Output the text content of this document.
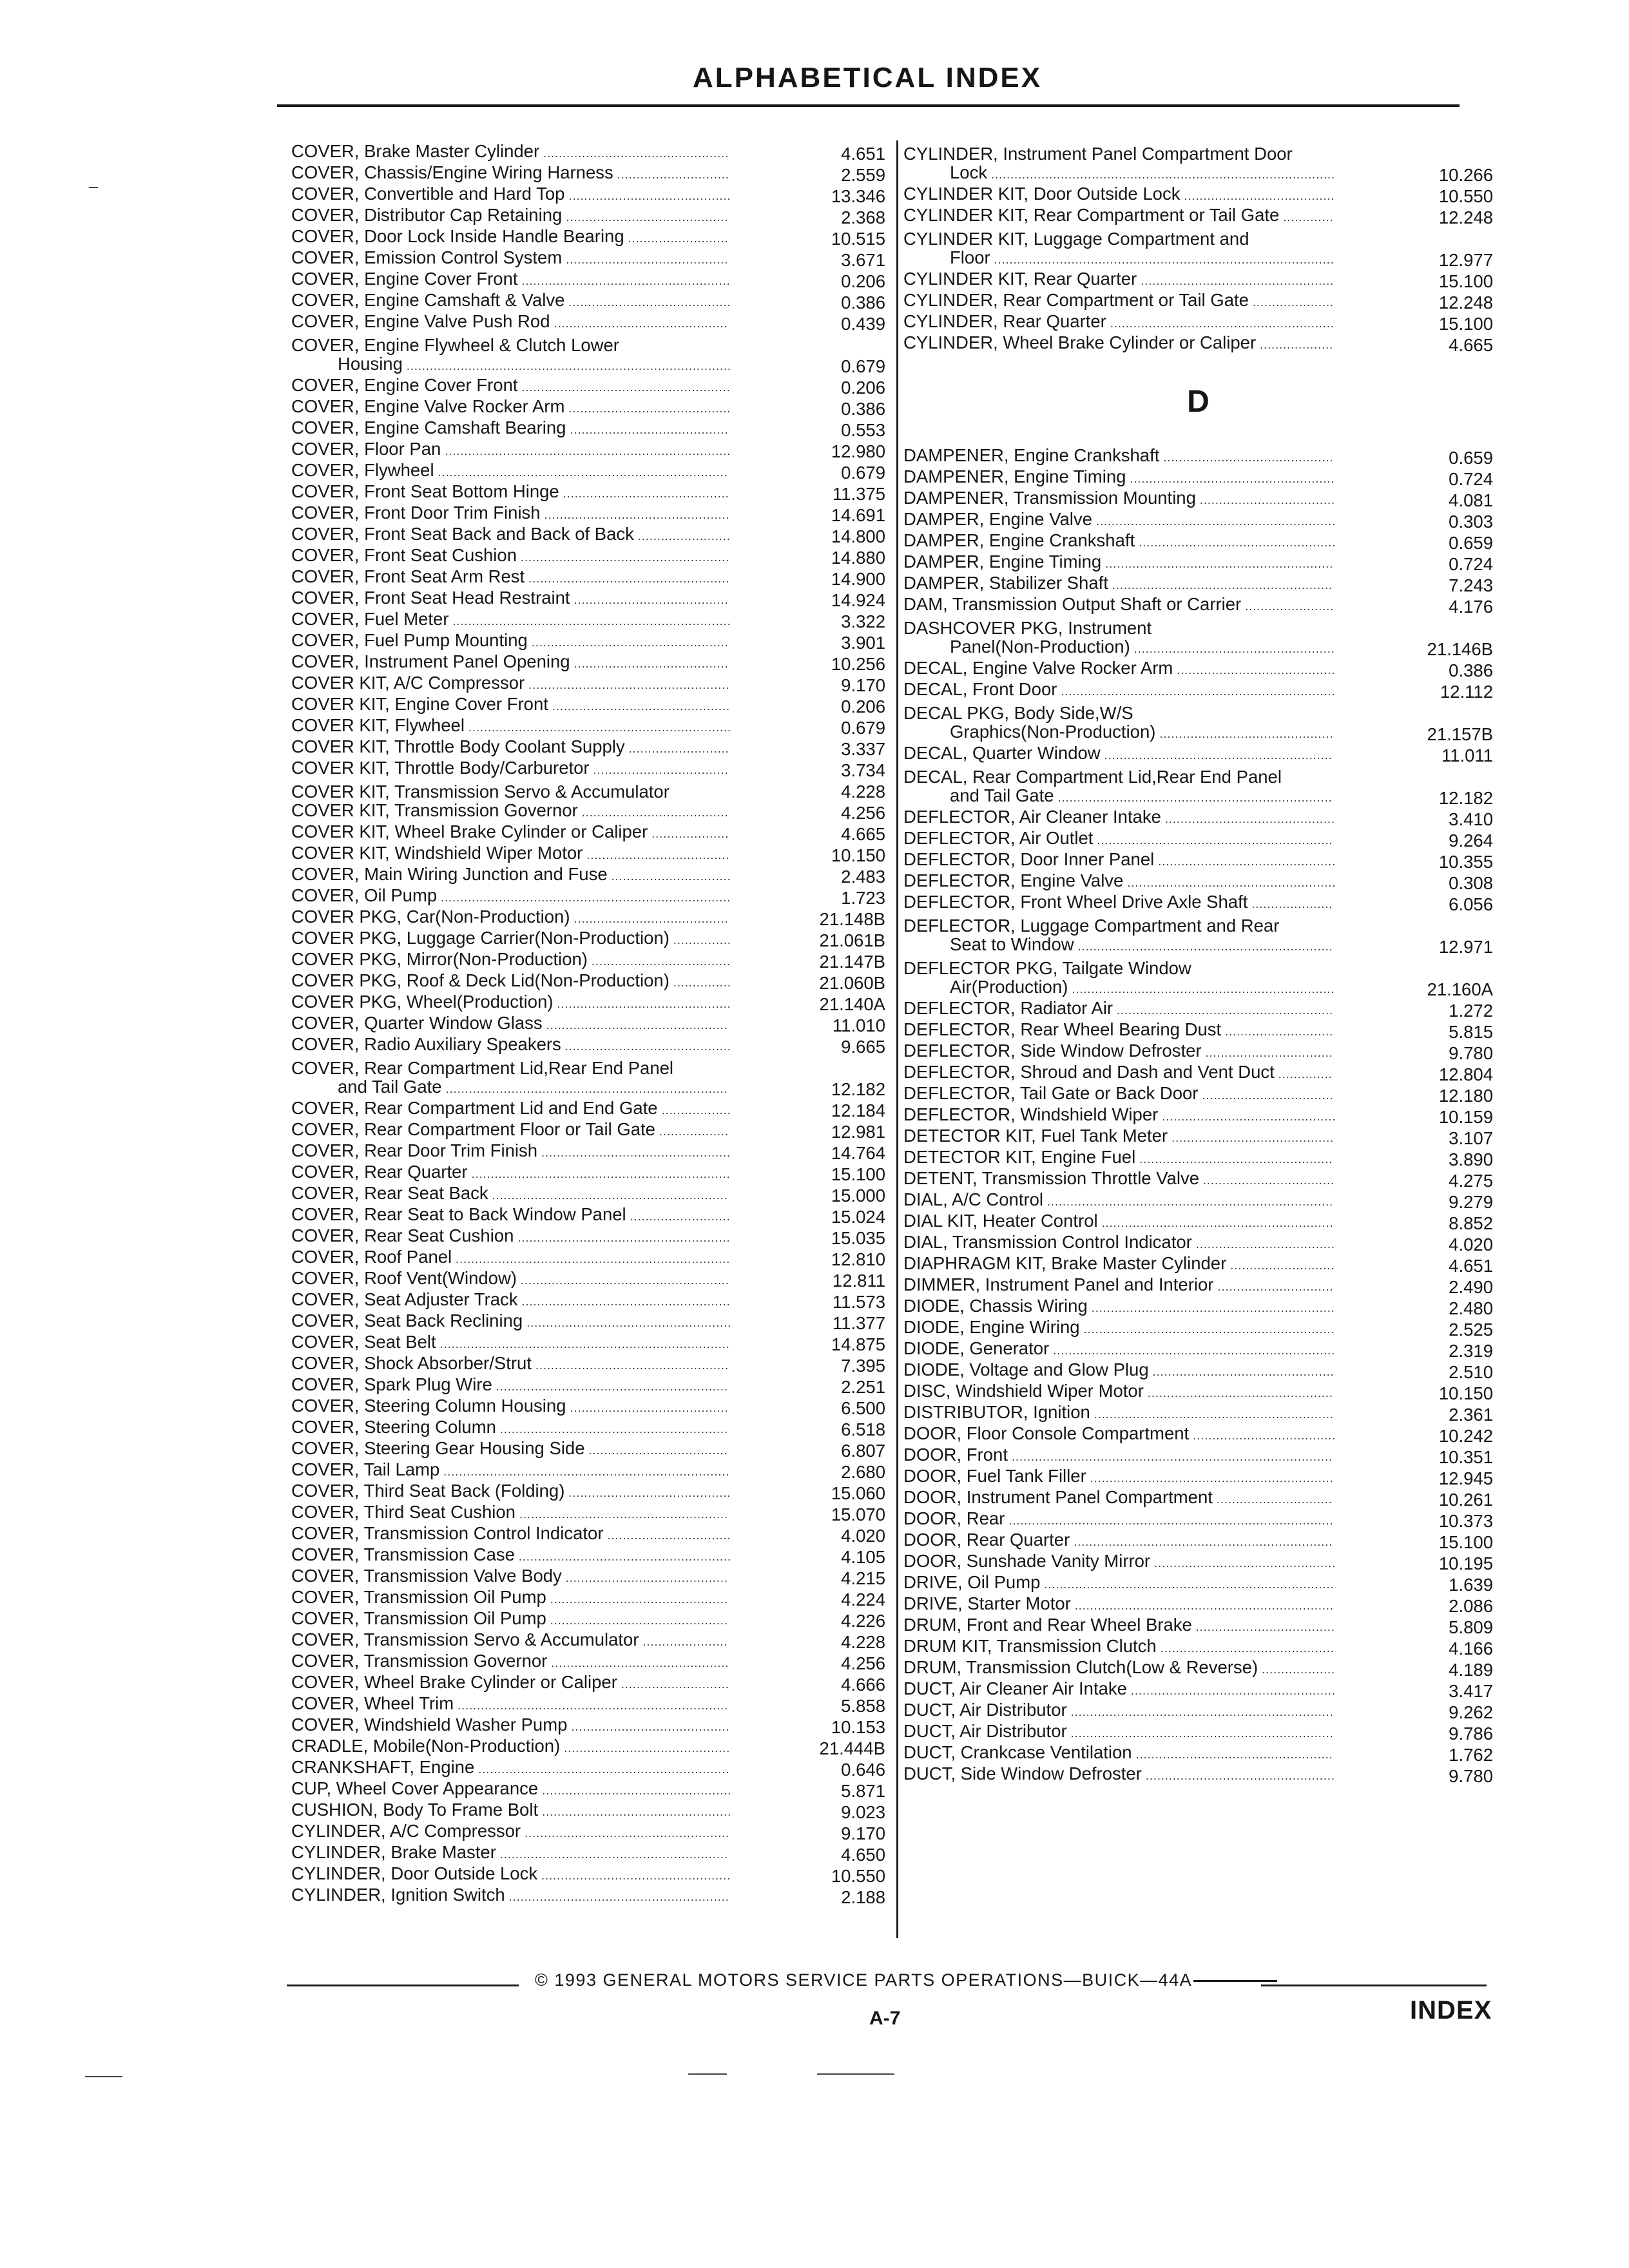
ALPHABETICAL INDEX
COVER, Brake Master Cylinder ................................................	4.651
COVER, Chassis/Engine Wiring Harness .............................	2.559
COVER, Convertible and Hard Top ..........................................	13.346
COVER, Distributor Cap Retaining ..........................................	2.368
COVER, Door Lock Inside Handle Bearing ..........................	10.515
COVER, Emission Control System ..........................................	3.671
COVER, Engine Cover Front ......................................................	0.206
COVER, Engine Camshaft & Valve ..........................................	0.386
COVER, Engine Valve Push Rod .............................................	0.439
COVER, Engine Flywheel & Clutch Lower
Housing ....................................................................................	0.679
COVER, Engine Cover Front ......................................................	0.206
COVER, Engine Valve Rocker Arm ..........................................	0.386
COVER, Engine Camshaft Bearing .........................................	0.553
COVER, Floor Pan ..........................................................................	12.980
COVER, Flywheel ...........................................................................	0.679
COVER, Front Seat Bottom Hinge ...........................................	11.375
COVER, Front Door Trim Finish ................................................	14.691
COVER, Front Seat Back and Back of Back ........................	14.800
COVER, Front Seat Cushion ......................................................	14.880
COVER, Front Seat Arm Rest ....................................................	14.900
COVER, Front Seat Head Restraint ........................................	14.924
COVER, Fuel Meter ........................................................................	3.322
COVER, Fuel Pump Mounting ...................................................	3.901
COVER, Instrument Panel Opening ........................................	10.256
COVER KIT, A/C Compressor ....................................................	9.170
COVER KIT, Engine Cover Front ..............................................	0.206
COVER KIT, Flywheel ....................................................................	0.679
COVER KIT, Throttle Body Coolant Supply ..........................	3.337
COVER KIT, Throttle Body/Carburetor ...................................	3.734
COVER KIT, Transmission Servo & Accumulator	4.228
COVER KIT, Transmission Governor ......................................	4.256
COVER KIT, Wheel Brake Cylinder or Caliper ....................	4.665
COVER KIT, Windshield Wiper Motor .....................................	10.150
COVER, Main Wiring Junction and Fuse ...............................	2.483
COVER, Oil Pump ...........................................................................	1.723
COVER PKG, Car(Non-Production) ........................................	21.148B
COVER PKG, Luggage Carrier(Non-Production) ...............	21.061B
COVER PKG, Mirror(Non-Production) ....................................	21.147B
COVER PKG, Roof & Deck Lid(Non-Production) ...............	21.060B
COVER PKG, Wheel(Production) .............................................	21.140A
COVER, Quarter Window Glass ...............................................	11.010
COVER, Radio Auxiliary Speakers ...........................................	9.665
COVER, Rear Compartment Lid,Rear End Panel
and Tail Gate .........................................................................	12.182
COVER, Rear Compartment Lid and End Gate ..................	12.184
COVER, Rear Compartment Floor or Tail Gate ..................	12.981
COVER, Rear Door Trim Finish .................................................	14.764
COVER, Rear Quarter ...................................................................	15.100
COVER, Rear Seat Back .............................................................	15.000
COVER, Rear Seat to Back Window Panel ..........................	15.024
COVER, Rear Seat Cushion .......................................................	15.035
COVER, Roof Panel .......................................................................	12.810
COVER, Roof Vent(Window) ......................................................	12.811
COVER, Seat Adjuster Track ......................................................	11.573
COVER, Seat Back Reclining .....................................................	11.377
COVER, Seat Belt ...........................................................................	14.875
COVER, Shock Absorber/Strut ..................................................	7.395
COVER, Spark Plug Wire ............................................................	2.251
COVER, Steering Column Housing .........................................	6.500
COVER, Steering Column ...........................................................	6.518
COVER, Steering Gear Housing Side ....................................	6.807
COVER, Tail Lamp ..........................................................................	2.680
COVER, Third Seat Back (Folding) ..........................................	15.060
COVER, Third Seat Cushion ......................................................	15.070
COVER, Transmission Control Indicator ................................	4.020
COVER, Transmission Case .......................................................	4.105
COVER, Transmission Valve Body ..........................................	4.215
COVER, Transmission Oil Pump ..............................................	4.224
COVER, Transmission Oil Pump ..............................................	4.226
COVER, Transmission Servo & Accumulator ......................	4.228
COVER, Transmission Governor ..............................................	4.256
COVER, Wheel Brake Cylinder or Caliper ............................	4.666
COVER, Wheel Trim ......................................................................	5.858
COVER, Windshield Washer Pump .........................................	10.153
CRADLE, Mobile(Non-Production) ...........................................	21.444B
CRANKSHAFT, Engine .................................................................	0.646
CUP, Wheel Cover Appearance .................................................	5.871
CUSHION, Body To Frame Bolt .................................................	9.023
CYLINDER, A/C Compressor .....................................................	9.170
CYLINDER, Brake Master ...........................................................	4.650
CYLINDER, Door Outside Lock .................................................	10.550
CYLINDER, Ignition Switch .........................................................	2.188
CYLINDER, Instrument Panel Compartment Door
Lock .........................................................................................	10.266
CYLINDER KIT, Door Outside Lock .......................................	10.550
CYLINDER KIT, Rear Compartment or Tail Gate .............	12.248
CYLINDER KIT, Luggage Compartment and
Floor ........................................................................................	12.977
CYLINDER KIT, Rear Quarter ..................................................	15.100
CYLINDER, Rear Compartment or Tail Gate .....................	12.248
CYLINDER, Rear Quarter ..........................................................	15.100
CYLINDER, Wheel Brake Cylinder or Caliper ...................	4.665
D
DAMPENER, Engine Crankshaft ............................................	0.659
DAMPENER, Engine Timing .....................................................	0.724
DAMPENER, Transmission Mounting ...................................	4.081
DAMPER, Engine Valve ..............................................................	0.303
DAMPER, Engine Crankshaft ...................................................	0.659
DAMPER, Engine Timing ...........................................................	0.724
DAMPER, Stabilizer Shaft .........................................................	7.243
DAM, Transmission Output Shaft or Carrier .......................	4.176
DASHCOVER PKG, Instrument
Panel(Non-Production) ....................................................	21.146B
DECAL, Engine Valve Rocker Arm .........................................	0.386
DECAL, Front Door .......................................................................	12.112
DECAL PKG, Body Side,W/S
Graphics(Non-Production) .............................................	21.157B
DECAL, Quarter Window ...........................................................	11.011
DECAL, Rear Compartment Lid,Rear End Panel
and Tail Gate .......................................................................	12.182
DEFLECTOR, Air Cleaner Intake ............................................	3.410
DEFLECTOR, Air Outlet .............................................................	9.264
DEFLECTOR, Door Inner Panel ..............................................	10.355
DEFLECTOR, Engine Valve ......................................................	0.308
DEFLECTOR, Front Wheel Drive Axle Shaft .....................	6.056
DEFLECTOR, Luggage Compartment and Rear
Seat to Window ..................................................................	12.971
DEFLECTOR PKG, Tailgate Window
Air(Production) ....................................................................	21.160A
DEFLECTOR, Radiator Air ........................................................	1.272
DEFLECTOR, Rear Wheel Bearing Dust ............................	5.815
DEFLECTOR, Side Window Defroster .................................	9.780
DEFLECTOR, Shroud and Dash and Vent Duct ..............	12.804
DEFLECTOR, Tail Gate or Back Door ..................................	12.180
DEFLECTOR, Windshield Wiper .............................................	10.159
DETECTOR KIT, Fuel Tank Meter ..........................................	3.107
DETECTOR KIT, Engine Fuel ..................................................	3.890
DETENT, Transmission Throttle Valve ..................................	4.275
DIAL, A/C Control ..........................................................................	9.279
DIAL KIT, Heater Control ............................................................	8.852
DIAL, Transmission Control Indicator ....................................	4.020
DIAPHRAGM KIT, Brake Master Cylinder ...........................	4.651
DIMMER, Instrument Panel and Interior ..............................	2.490
DIODE, Chassis Wiring ...............................................................	2.480
DIODE, Engine Wiring .................................................................	2.525
DIODE, Generator .........................................................................	2.319
DIODE, Voltage and Glow Plug ...............................................	2.510
DISC, Windshield Wiper Motor ................................................	10.150
DISTRIBUTOR, Ignition ..............................................................	2.361
DOOR, Floor Console Compartment .....................................	10.242
DOOR, Front ...................................................................................	10.351
DOOR, Fuel Tank Filler ...............................................................	12.945
DOOR, Instrument Panel Compartment ..............................	10.261
DOOR, Rear ....................................................................................	10.373
DOOR, Rear Quarter ...................................................................	15.100
DOOR, Sunshade Vanity Mirror ...............................................	10.195
DRIVE, Oil Pump ...........................................................................	1.639
DRIVE, Starter Motor ...................................................................	2.086
DRUM, Front and Rear Wheel Brake ....................................	5.809
DRUM KIT, Transmission Clutch .............................................	4.166
DRUM, Transmission Clutch(Low & Reverse) ...................	4.189
DUCT, Air Cleaner Air Intake .....................................................	3.417
DUCT, Air Distributor ....................................................................	9.262
DUCT, Air Distributor ....................................................................	9.786
DUCT, Crankcase Ventilation ...................................................	1.762
DUCT, Side Window Defroster .................................................	9.780
© 1993 GENERAL MOTORS SERVICE PARTS OPERATIONS—BUICK—44A
A-7	INDEX
